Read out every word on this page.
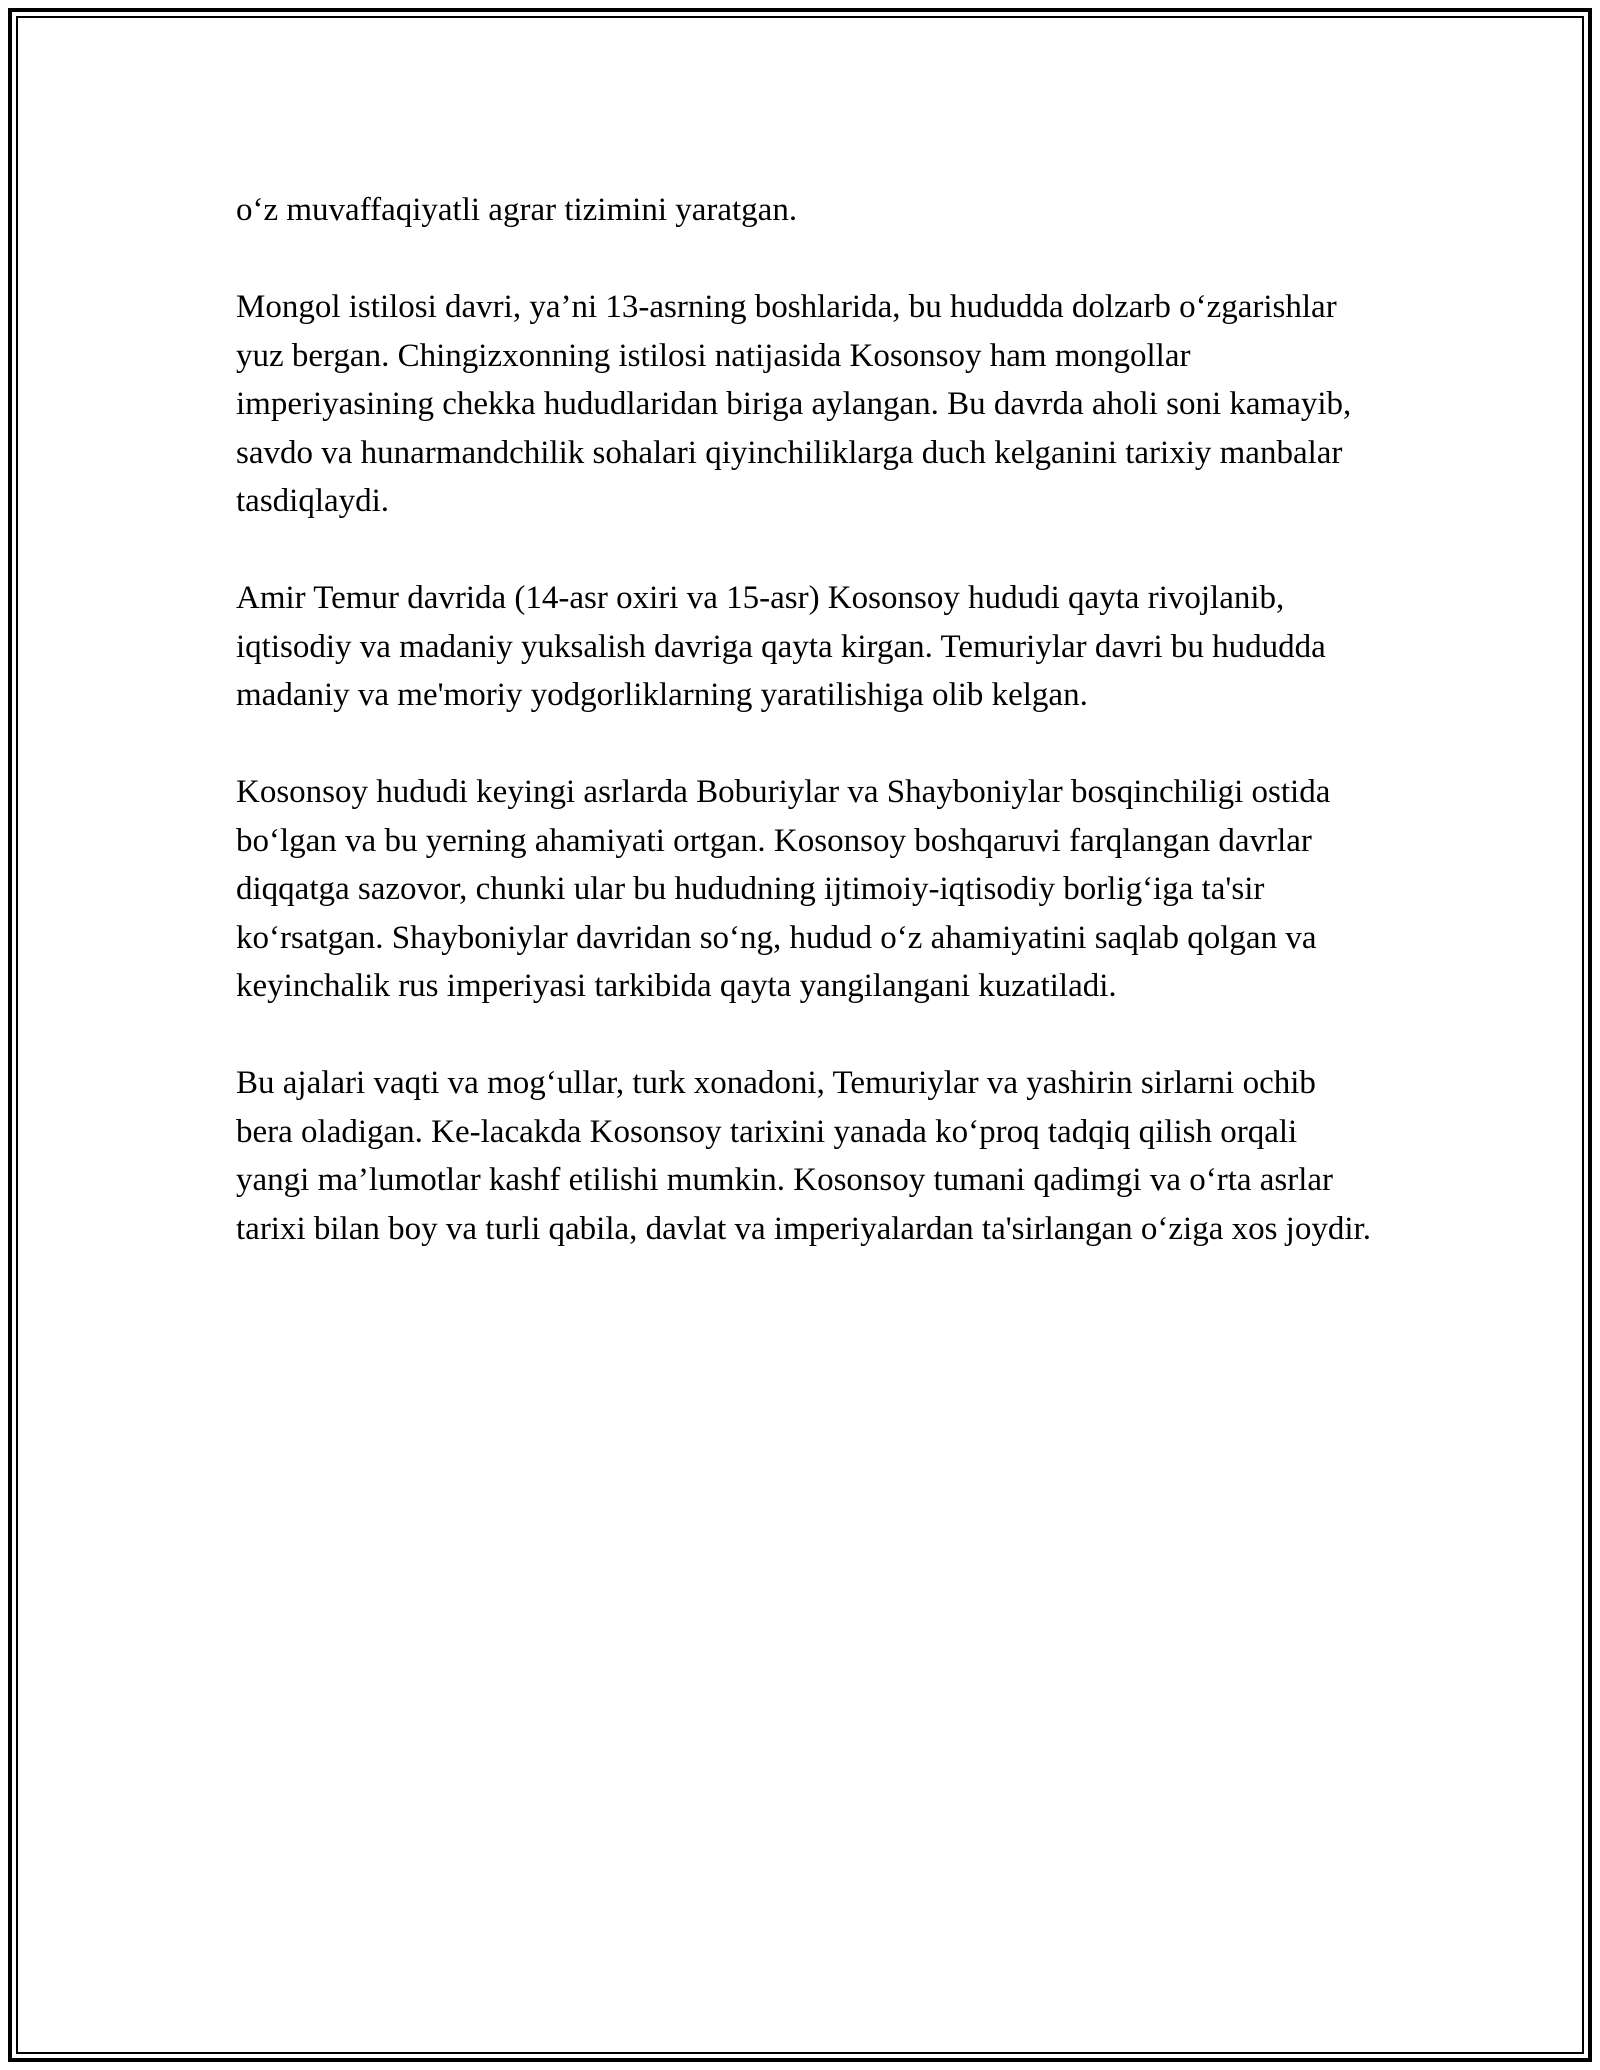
o‘z muvaffaqiyatli agrar tizimini yaratgan.

Mongol istilosi davri, ya’ni 13-asrning boshlarida, bu hududda dolzarb o‘zgarishlar yuz bergan. Chingizxonning istilosi natijasida Kosonsoy ham mongollar imperiyasining chekka hududlaridan biriga aylangan. Bu davrda aholi soni kamayib, savdo va hunarmandchilik sohalari qiyinchiliklarga duch kelganini tarixiy manbalar tasdiqlaydi.

Amir Temur davrida (14-asr oxiri va 15-asr) Kosonsoy hududi qayta rivojlanib, iqtisodiy va madaniy yuksalish davriga qayta kirgan. Temuriylar davri bu hududda madaniy va me'moriy yodgorliklarning yaratilishiga olib kelgan.

Kosonsoy hududi keyingi asrlarda Boburiylar va Shayboniylar bosqinchiligi ostida bo‘lgan va bu yerning ahamiyati ortgan. Kosonsoy boshqaruvi farqlangan davrlar diqqatga sazovor, chunki ular bu hududning ijtimoiy-iqtisodiy borlig‘iga ta'sir ko‘rsatgan. Shayboniylar davridan so‘ng, hudud o‘z ahamiyatini saqlab qolgan va keyinchalik rus imperiyasi tarkibida qayta yangilangani kuzatiladi.

Bu ajalari vaqti va mog‘ullar, turk xonadoni, Temuriylar va yashirin sirlarni ochib bera oladigan. Ke-lacakda Kosonsoy tarixini yanada ko‘proq tadqiq qilish orqali yangi ma’lumotlar kashf etilishi mumkin. Kosonsoy tumani qadimgi va o‘rta asrlar tarixi bilan boy va turli qabila, davlat va imperiyalardan ta'sirlangan o‘ziga xos joydir.
